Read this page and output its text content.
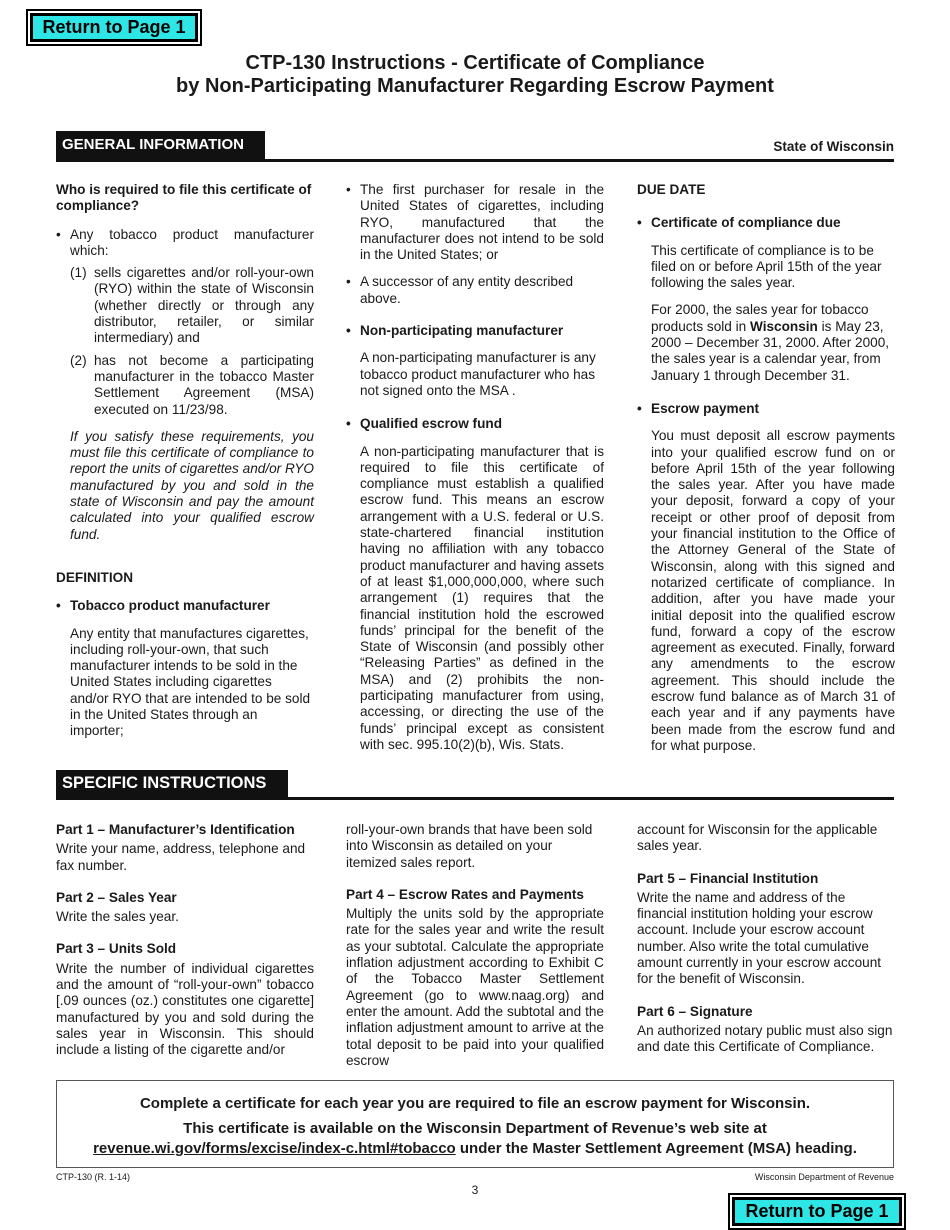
Return to Page 1
CTP-130 Instructions - Certificate of Compliance
by Non-Participating Manufacturer Regarding Escrow Payment
GENERAL INFORMATION	State of Wisconsin

Who is required to file this certificate of compliance?

• Any tobacco product manufacturer which:

(1) sells cigarettes and/or roll-your-own (RYO) within the state of Wisconsin (whether directly or through any distributor, retailer, or similar intermediary) and
(2) has not become a participating manufacturer in the tobacco Master Settlement Agreement (MSA) executed on 11/23/98.

If you satisfy these requirements, you must file this certificate of compliance to report the units of cigarettes and/or RYO manufactured by you and sold in the state of Wisconsin and pay the amount calculated into your qualified escrow fund.

DEFINITION

• Tobacco product manufacturer

Any entity that manufactures cigarettes, including roll-your-own, that such manufacturer intends to be sold in the United States including cigarettes and/or RYO that are intended to be sold in the United States through an importer;

• The first purchaser for resale in the United States of cigarettes, including RYO, manufactured that the manufacturer does not intend to be sold in the United States; or

• A successor of any entity described above.

• Non-participating manufacturer

A non-participating manufacturer is any tobacco product manufacturer who has not signed onto the MSA .

• Qualified escrow fund

A non-participating manufacturer that is required to file this certificate of compliance must establish a qualified escrow fund. This means an escrow arrangement with a U.S. federal or U.S. state-chartered financial institution having no affiliation with any tobacco product manufacturer and having assets of at least $1,000,000,000, where such arrangement (1) requires that the financial institution hold the escrowed funds’ principal for the benefit of the State of Wisconsin (and possibly other “Releasing Parties” as defined in the MSA) and (2) prohibits the non-participating manufacturer from using, accessing, or directing the use of the funds’ principal except as consistent with sec. 995.10(2)(b), Wis. Stats.

DUE DATE

• Certificate of compliance due

This certificate of compliance is to be filed on or before April 15th of the year following the sales year.

For 2000, the sales year for tobacco products sold in Wisconsin is May 23, 2000 – December 31, 2000. After 2000, the sales year is a calendar year, from January 1 through December 31.

• Escrow payment

You must deposit all escrow payments into your qualified escrow fund on or before April 15th of the year following the sales year. After you have made your deposit, forward a copy of your receipt or other proof of deposit from your financial institution to the Office of the Attorney General of the State of Wisconsin, along with this signed and notarized certificate of compliance. In addition, after you have made your initial deposit into the qualified escrow fund, forward a copy of the escrow agreement as executed. Finally, forward any amendments to the escrow agreement. This should include the escrow fund balance as of March 31 of each year and if any payments have been made from the escrow fund and for what purpose.

SPECIFIC INSTRUCTIONS

Part 1 – Manufacturer’s Identification

Write your name, address, telephone and fax number.

Part 2 – Sales Year

Write the sales year.

Part 3 – Units Sold

Write the number of individual cigarettes and the amount of “roll-your-own” tobacco [.09 ounces (oz.) constitutes one cigarette] manufactured by you and sold during the sales year in Wisconsin. This should include a listing of the cigarette and/or

roll-your-own brands that have been sold into Wisconsin as detailed on your itemized sales report.

Part 4 – Escrow Rates and Payments

Multiply the units sold by the appropriate rate for the sales year and write the result as your subtotal. Calculate the appropriate inflation adjustment according to Exhibit C of the Tobacco Master Settlement Agreement (go to www.naag.org) and enter the amount. Add the subtotal and the inflation adjustment amount to arrive at the total deposit to be paid into your qualified escrow

account for Wisconsin for the applicable sales year.

Part 5 – Financial Institution

Write the name and address of the financial institution holding your escrow account. Include your escrow account number. Also write the total cumulative amount currently in your escrow account for the benefit of Wisconsin.

Part 6 – Signature

An authorized notary public must also sign and date this Certificate of Compliance.

Complete a certificate for each year you are required to file an escrow payment for Wisconsin.

This certificate is available on the Wisconsin Department of Revenue’s web site at revenue.wi.gov/forms/excise/index-c.html#tobacco under the Master Settlement Agreement (MSA) heading.

CTP-130 (R. 1-14)	Wisconsin Department of Revenue
3
Return to Page 1
